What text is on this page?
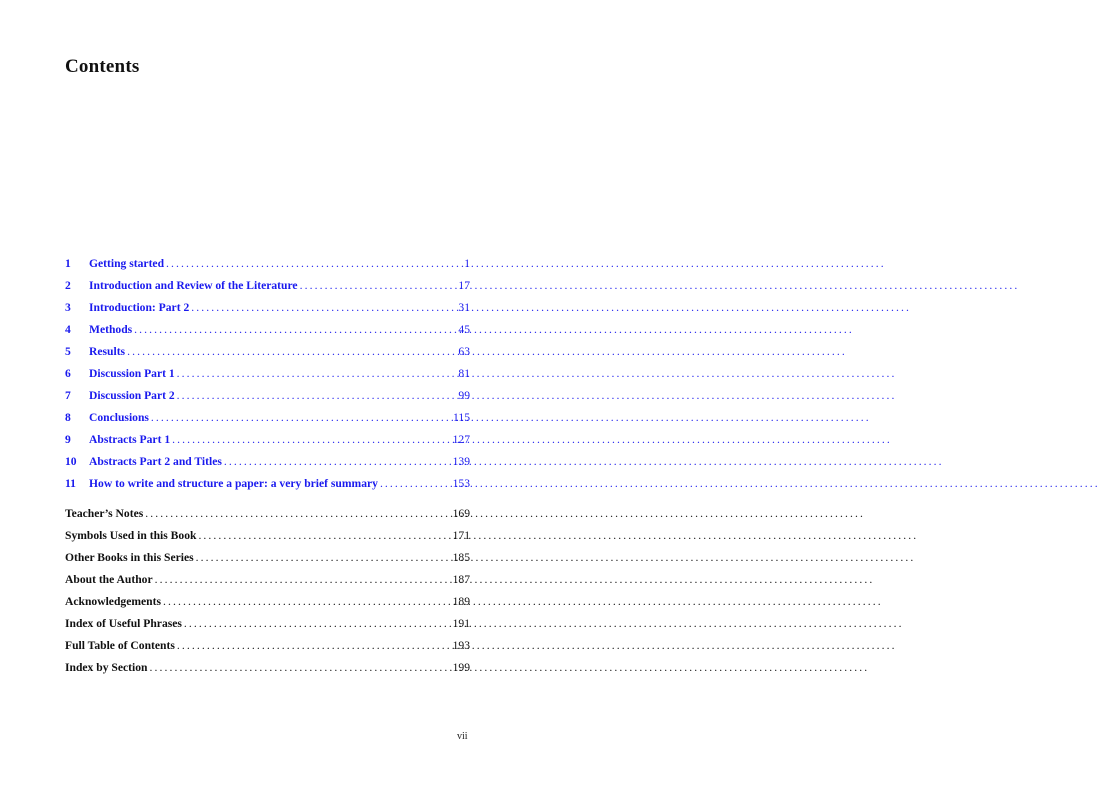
Contents
1	Getting started .....	1
2	Introduction and Review of the Literature .....	17
3	Introduction: Part 2 .....	31
4	Methods .....	45
5	Results .....	63
6	Discussion Part 1 .....	81
7	Discussion Part 2 .....	99
8	Conclusions .....	115
9	Abstracts Part 1 .....	127
10	Abstracts Part 2 and Titles .....	139
11	How to write and structure a paper: a very brief summary .....	153
Teacher’s Notes .....	169
Symbols Used in this Book .....	171
Other Books in this Series .....	185
About the Author .....	187
Acknowledgements .....	189
Index of Useful Phrases .....	191
Full Table of Contents .....	193
Index by Section .....	199
vii
